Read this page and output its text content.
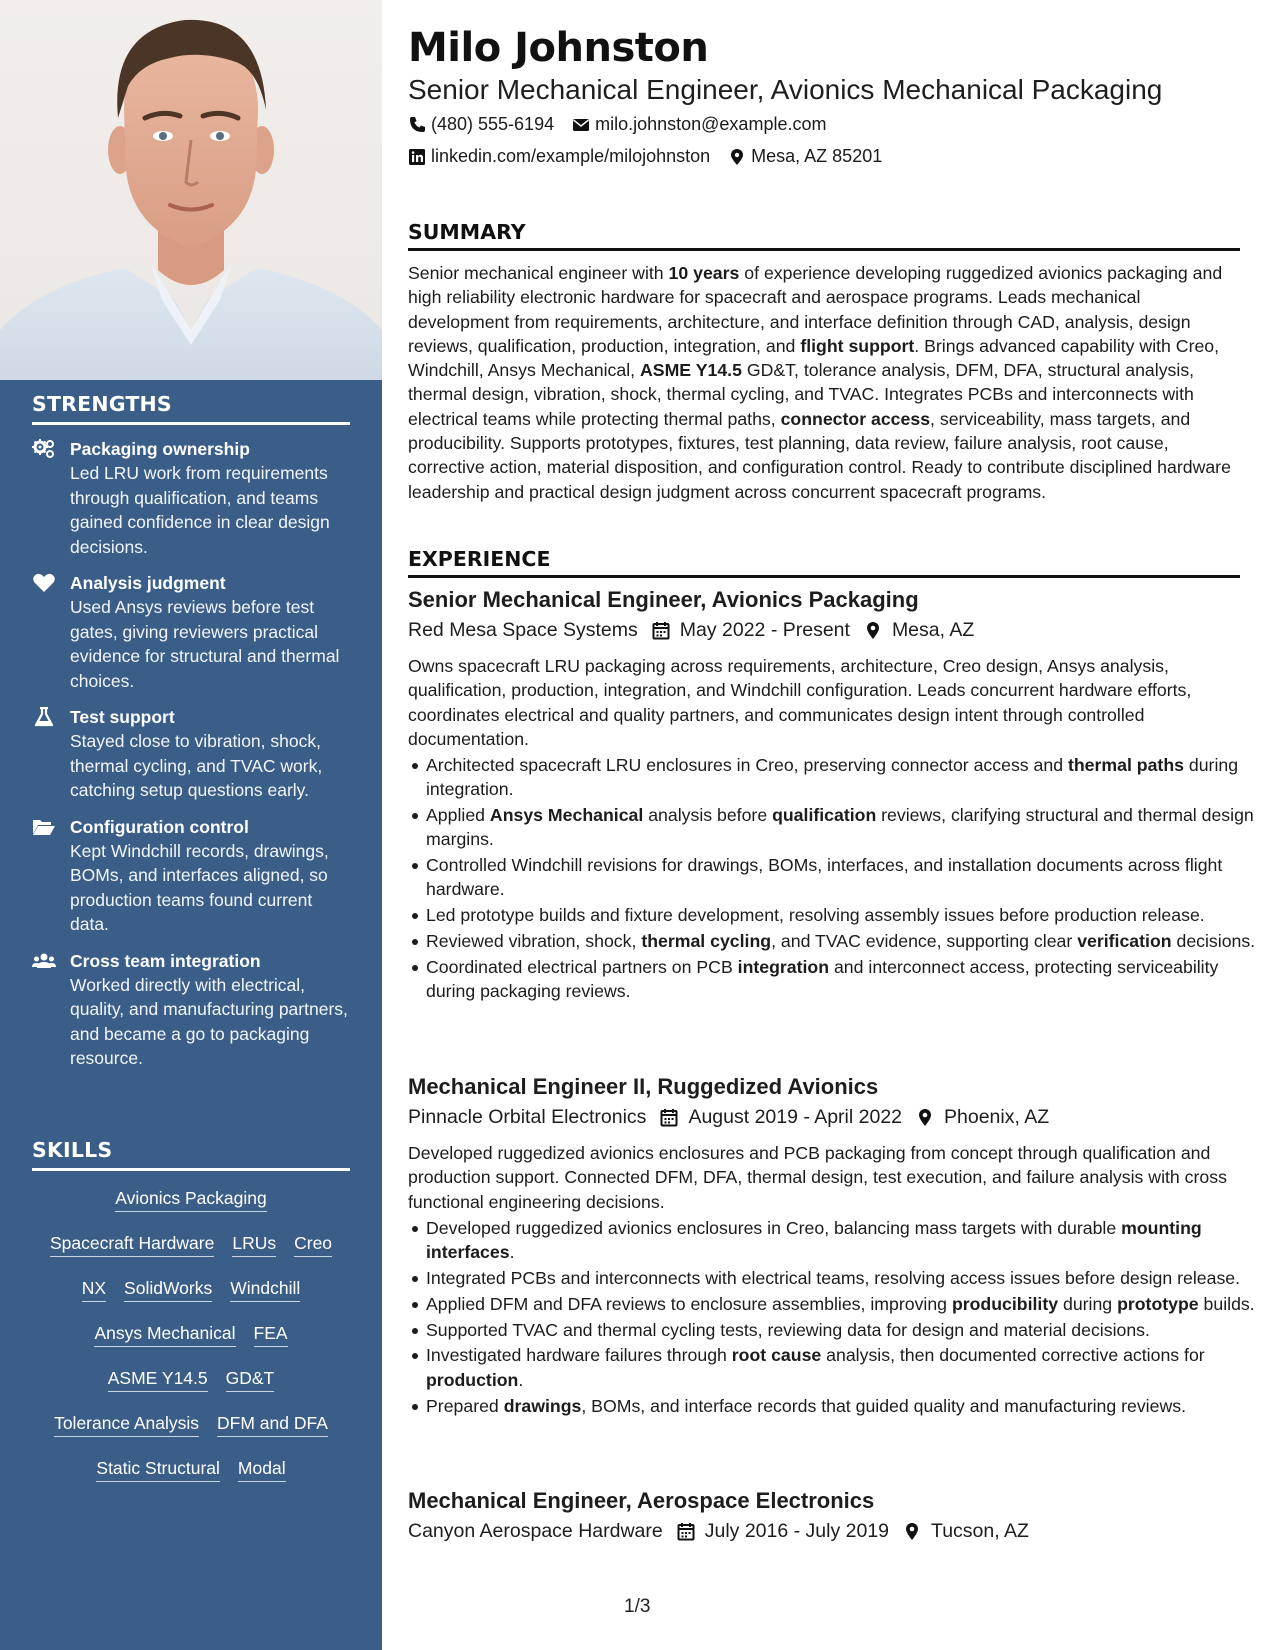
STRENGTHS
Packaging ownership
Led LRU work from requirements through qualification, and teams gained confidence in clear design decisions.
Analysis judgment
Used Ansys reviews before test gates, giving reviewers practical evidence for structural and thermal choices.
Test support
Stayed close to vibration, shock, thermal cycling, and TVAC work, catching setup questions early.
Configuration control
Kept Windchill records, drawings, BOMs, and interfaces aligned, so production teams found current data.
Cross team integration
Worked directly with electrical, quality, and manufacturing partners, and became a go to packaging resource.
SKILLS
Avionics Packaging
Spacecraft Hardware LRUs Creo
NX SolidWorks Windchill
Ansys Mechanical FEA
ASME Y14.5 GD&T
Tolerance Analysis DFM and DFA
Static Structural Modal
Milo Johnston
Senior Mechanical Engineer, Avionics Mechanical Packaging
(480) 555-6194 milo.johnston@example.com
linkedin.com/example/milojohnston Mesa, AZ 85201
SUMMARY
Senior mechanical engineer with 10 years of experience developing ruggedized avionics packaging and high reliability electronic hardware for spacecraft and aerospace programs. Leads mechanical development from requirements, architecture, and interface definition through CAD, analysis, design reviews, qualification, production, integration, and flight support. Brings advanced capability with Creo, Windchill, Ansys Mechanical, ASME Y14.5 GD&T, tolerance analysis, DFM, DFA, structural analysis, thermal design, vibration, shock, thermal cycling, and TVAC. Integrates PCBs and interconnects with electrical teams while protecting thermal paths, connector access, serviceability, mass targets, and producibility. Supports prototypes, fixtures, test planning, data review, failure analysis, root cause, corrective action, material disposition, and configuration control. Ready to contribute disciplined hardware leadership and practical design judgment across concurrent spacecraft programs.
EXPERIENCE
Senior Mechanical Engineer, Avionics Packaging
Red Mesa Space Systems May 2022 - Present Mesa, AZ
Owns spacecraft LRU packaging across requirements, architecture, Creo design, Ansys analysis, qualification, production, integration, and Windchill configuration. Leads concurrent hardware efforts, coordinates electrical and quality partners, and communicates design intent through controlled documentation.
Architected spacecraft LRU enclosures in Creo, preserving connector access and thermal paths during integration.
Applied Ansys Mechanical analysis before qualification reviews, clarifying structural and thermal design margins.
Controlled Windchill revisions for drawings, BOMs, interfaces, and installation documents across flight hardware.
Led prototype builds and fixture development, resolving assembly issues before production release.
Reviewed vibration, shock, thermal cycling, and TVAC evidence, supporting clear verification decisions.
Coordinated electrical partners on PCB integration and interconnect access, protecting serviceability during packaging reviews.
Mechanical Engineer II, Ruggedized Avionics
Pinnacle Orbital Electronics August 2019 - April 2022 Phoenix, AZ
Developed ruggedized avionics enclosures and PCB packaging from concept through qualification and production support. Connected DFM, DFA, thermal design, test execution, and failure analysis with cross functional engineering decisions.
Developed ruggedized avionics enclosures in Creo, balancing mass targets with durable mounting interfaces.
Integrated PCBs and interconnects with electrical teams, resolving access issues before design release.
Applied DFM and DFA reviews to enclosure assemblies, improving producibility during prototype builds.
Supported TVAC and thermal cycling tests, reviewing data for design and material decisions.
Investigated hardware failures through root cause analysis, then documented corrective actions for production.
Prepared drawings, BOMs, and interface records that guided quality and manufacturing reviews.
Mechanical Engineer, Aerospace Electronics
Canyon Aerospace Hardware July 2016 - July 2019 Tucson, AZ
1/3
